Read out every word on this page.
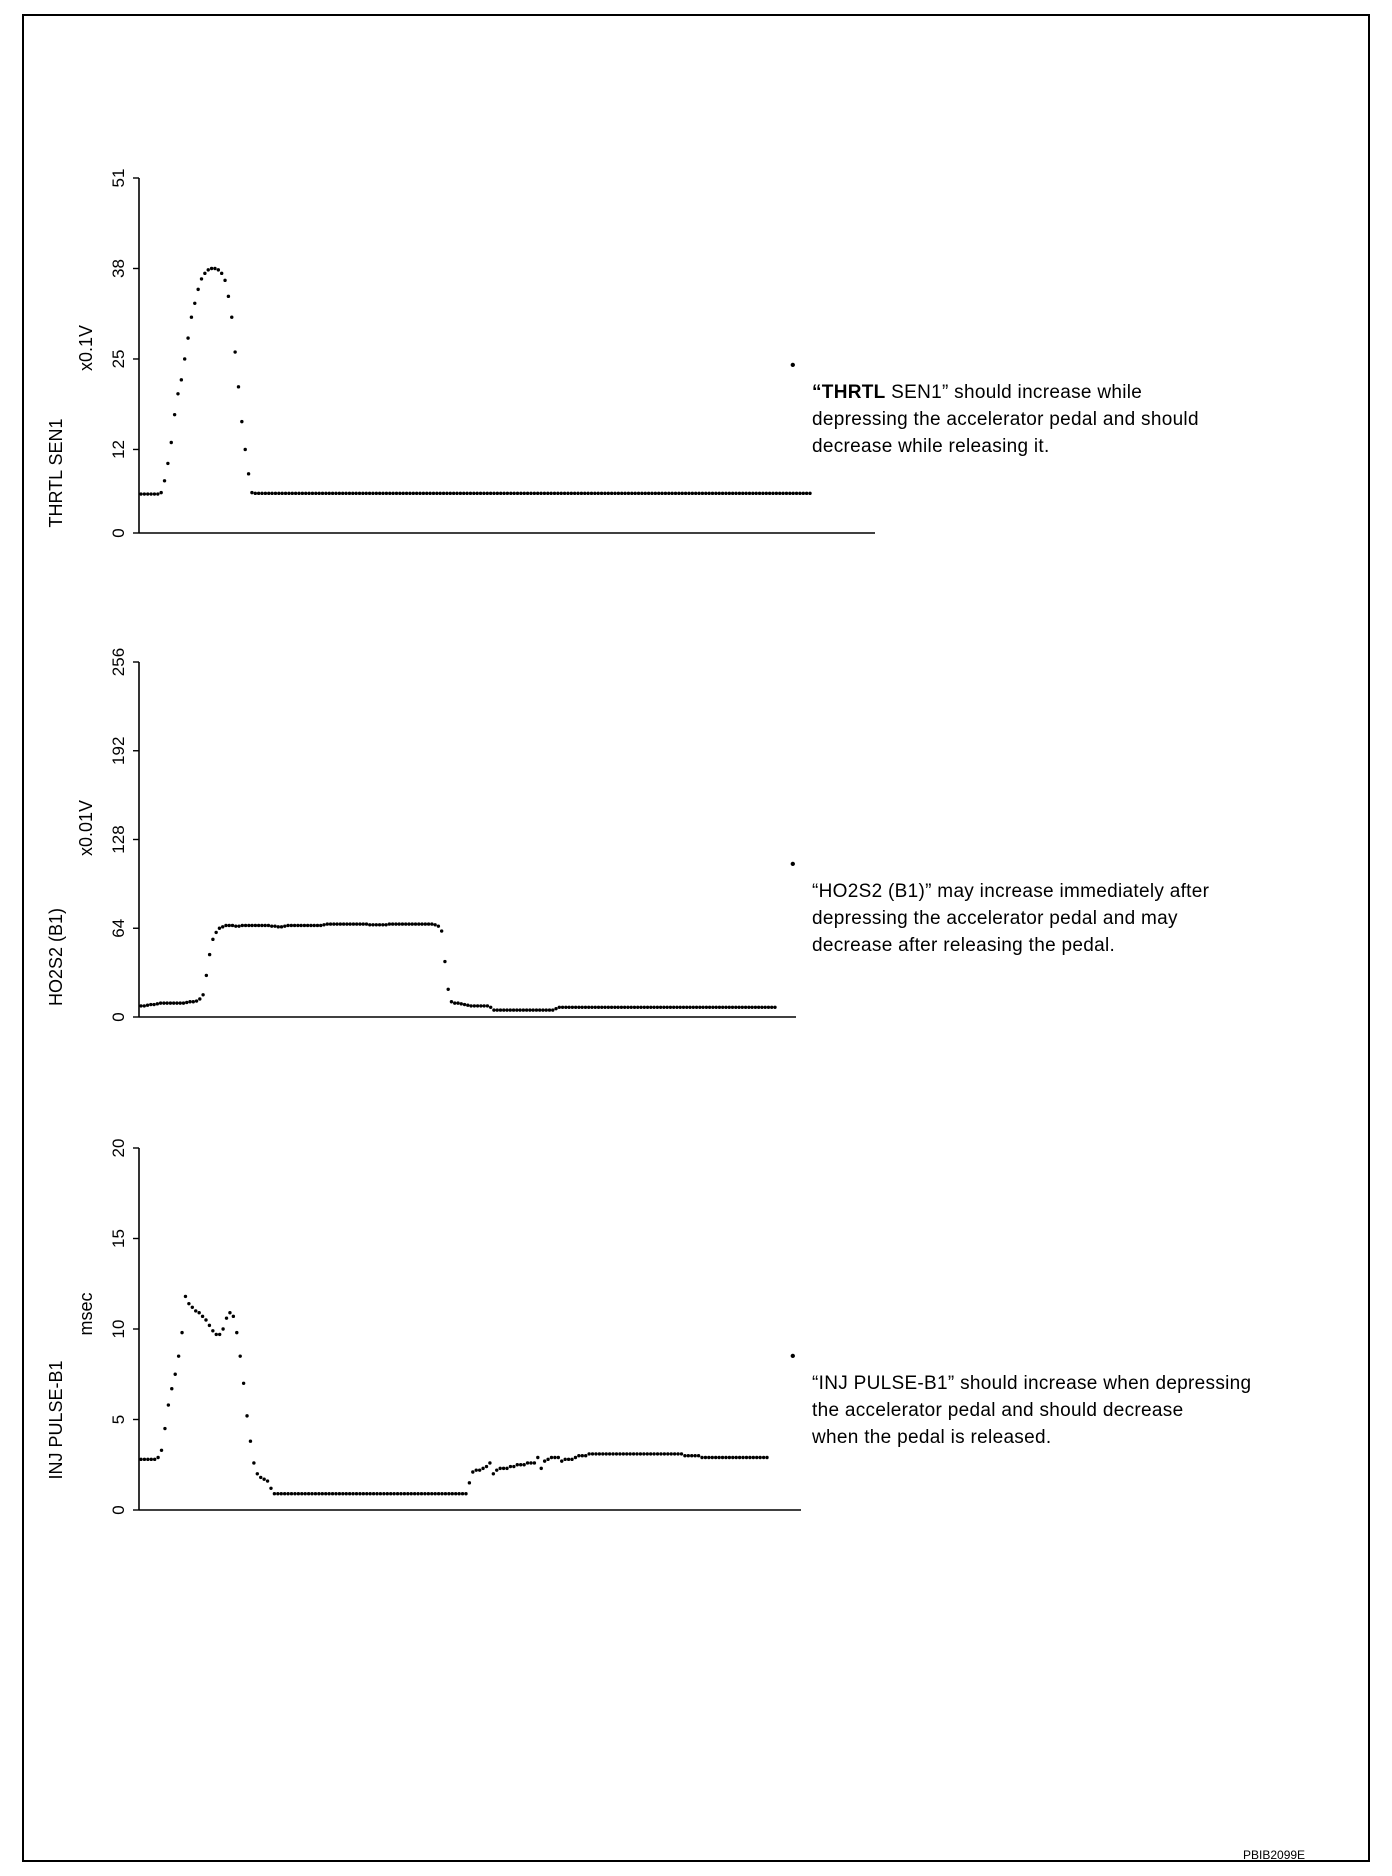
0
12
25
38
51
THRTL SEN1
x0.1V
0
64
128
192
256
HO2S2 (B1)
x0.01V
0
5
10
15
20
INJ PULSE-B1
msec

•
“THRTL SEN1” should increase while
depressing the accelerator pedal and should
decrease while releasing it.

•
“HO2S2 (B1)” may increase immediately after
depressing the accelerator pedal and may
decrease after releasing the pedal.

•
“INJ PULSE-B1” should increase when depressing
the accelerator pedal and should decrease
when the pedal is released.

PBIB2099E
